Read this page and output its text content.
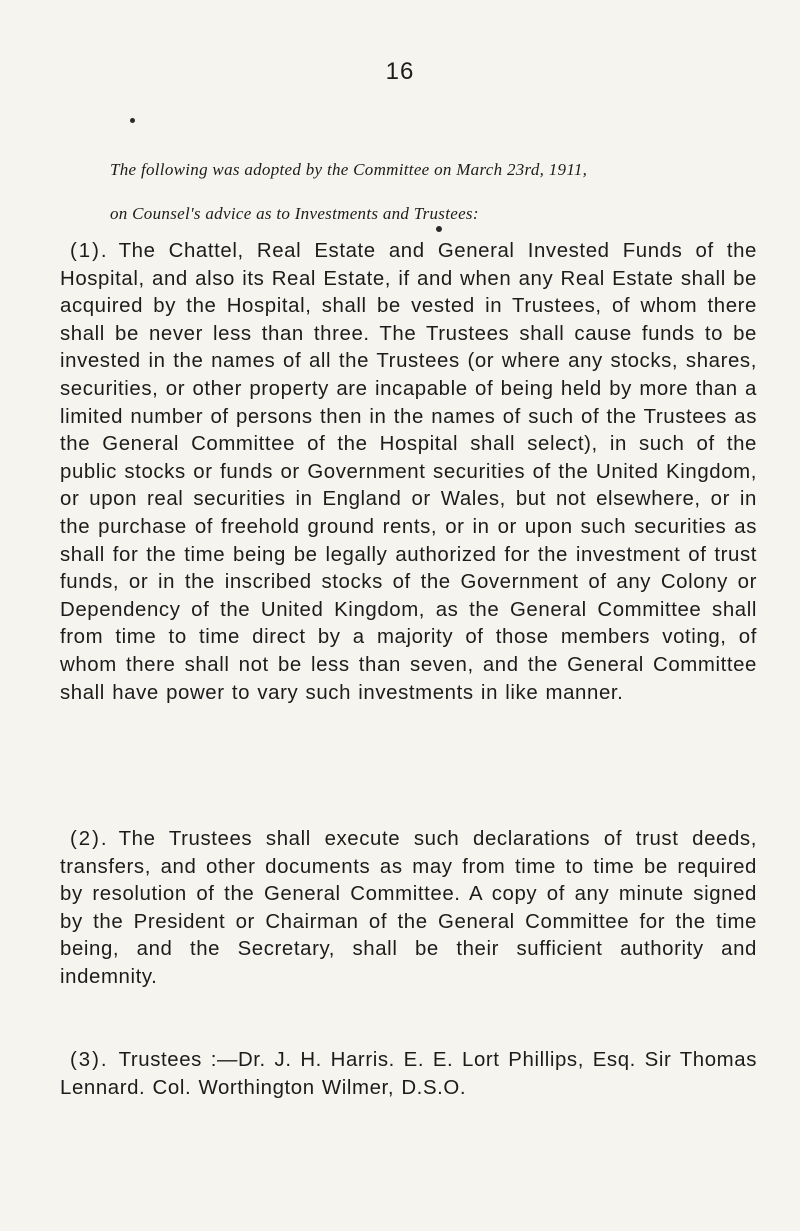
16
The following was adopted by the Committee on March 23rd, 1911,
on Counsel's advice as to Investments and Trustees:
(1). The Chattel, Real Estate and General Invested Funds of the Hospital, and also its Real Estate, if and when any Real Estate shall be acquired by the Hospital, shall be vested in Trustees, of whom there shall be never less than three. The Trustees shall cause funds to be invested in the names of all the Trustees (or where any stocks, shares, securities, or other property are incapable of being held by more than a limited number of persons then in the names of such of the Trustees as the General Committee of the Hospital shall select), in such of the public stocks or funds or Government securities of the United Kingdom, or upon real securities in England or Wales, but not elsewhere, or in the purchase of freehold ground rents, or in or upon such securities as shall for the time being be legally authorized for the investment of trust funds, or in the inscribed stocks of the Government of any Colony or Dependency of the United Kingdom, as the General Committee shall from time to time direct by a majority of those members voting, of whom there shall not be less than seven, and the General Committee shall have power to vary such investments in like manner.
(2). The Trustees shall execute such declarations of trust deeds, transfers, and other documents as may from time to time be required by resolution of the General Committee. A copy of any minute signed by the President or Chairman of the General Committee for the time being, and the Secretary, shall be their sufficient authority and indemnity.
(3). Trustees :—Dr. J. H. Harris. E. E. Lort Phillips, Esq. Sir Thomas Lennard. Col. Worthington Wilmer, D.S.O.
